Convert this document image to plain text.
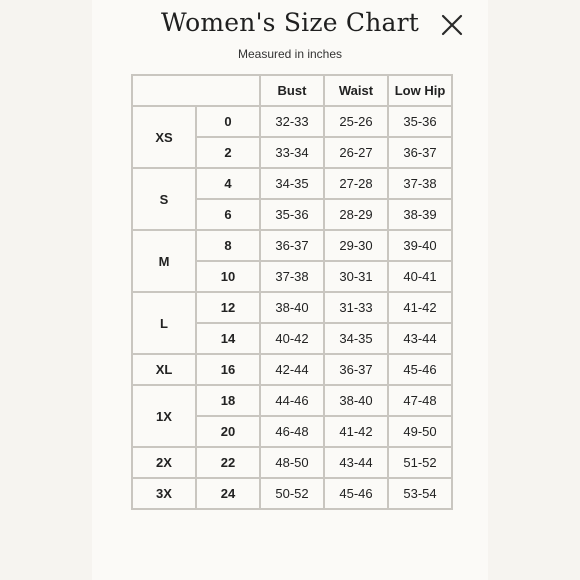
Women's Size Chart
Measured in inches
		Bust	Waist	Low Hip
XS	0	32-33	25-26	35-36
	2	33-34	26-27	36-37
S	4	34-35	27-28	37-38
	6	35-36	28-29	38-39
M	8	36-37	29-30	39-40
	10	37-38	30-31	40-41
L	12	38-40	31-33	41-42
	14	40-42	34-35	43-44
XL	16	42-44	36-37	45-46
1X	18	44-46	38-40	47-48
	20	46-48	41-42	49-50
2X	22	48-50	43-44	51-52
3X	24	50-52	45-46	53-54
